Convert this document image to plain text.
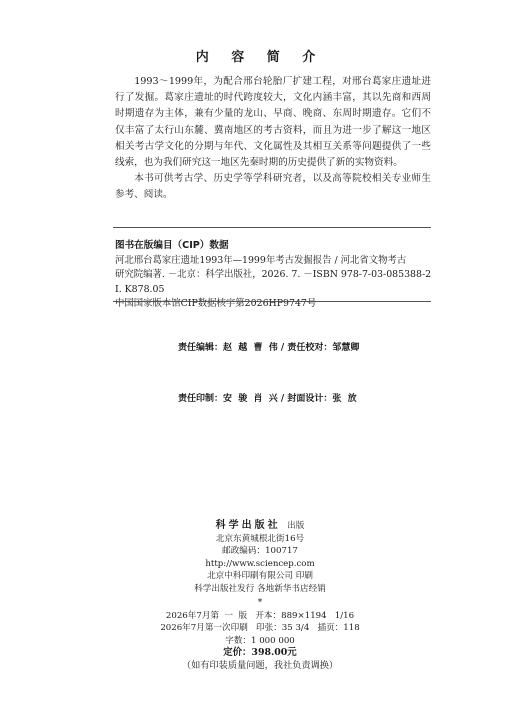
内 容 简 介

1993～1999年，为配合邢台轮胎厂扩建工程，对邢台葛家庄遗址进行了发掘。葛家庄遗址的时代跨度较大，文化内涵丰富，其以先商和西周时期遗存为主体，兼有少量的龙山、早商、晚商、东周时期遗存。它们不仅丰富了太行山东麓、冀南地区的考古资料，而且为进一步了解这一地区相关考古学文化的分期与年代、文化属性及其相互关系等问题提供了一些线索，也为我们研究这一地区先秦时期的历史提供了新的实物资料。

本书可供考古学、历史学等学科研究者，以及高等院校相关专业师生参考、阅读。

图书在版编目（CIP）数据
河北邢台葛家庄遗址1993年—1999年考古发掘报告 / 河北省文物考古
研究院编著. －北京：科学出版社，2026. 7. －ISBN 978-7-03-085388-2
Ⅰ. K878.05
中国国家版本馆CIP数据核字第2026HP9747号

责任编辑：赵  越  曹  伟 / 责任校对：邹慧卿

责任印制：安  骏  肖  兴 / 封面设计：张  放

科学出版社 出版
北京东黄城根北街16号
邮政编码：100717
http://www.sciencep.com
北京中科印刷有限公司 印刷
科学出版社发行 各地新华书店经销
*
2026年7月第  一  版   开本：889×1194   1/16
2026年7月第一次印刷   印张：35 3/4   插页：118
字数：1 000 000
定价：398.00元
（如有印装质量问题，我社负责调换）
